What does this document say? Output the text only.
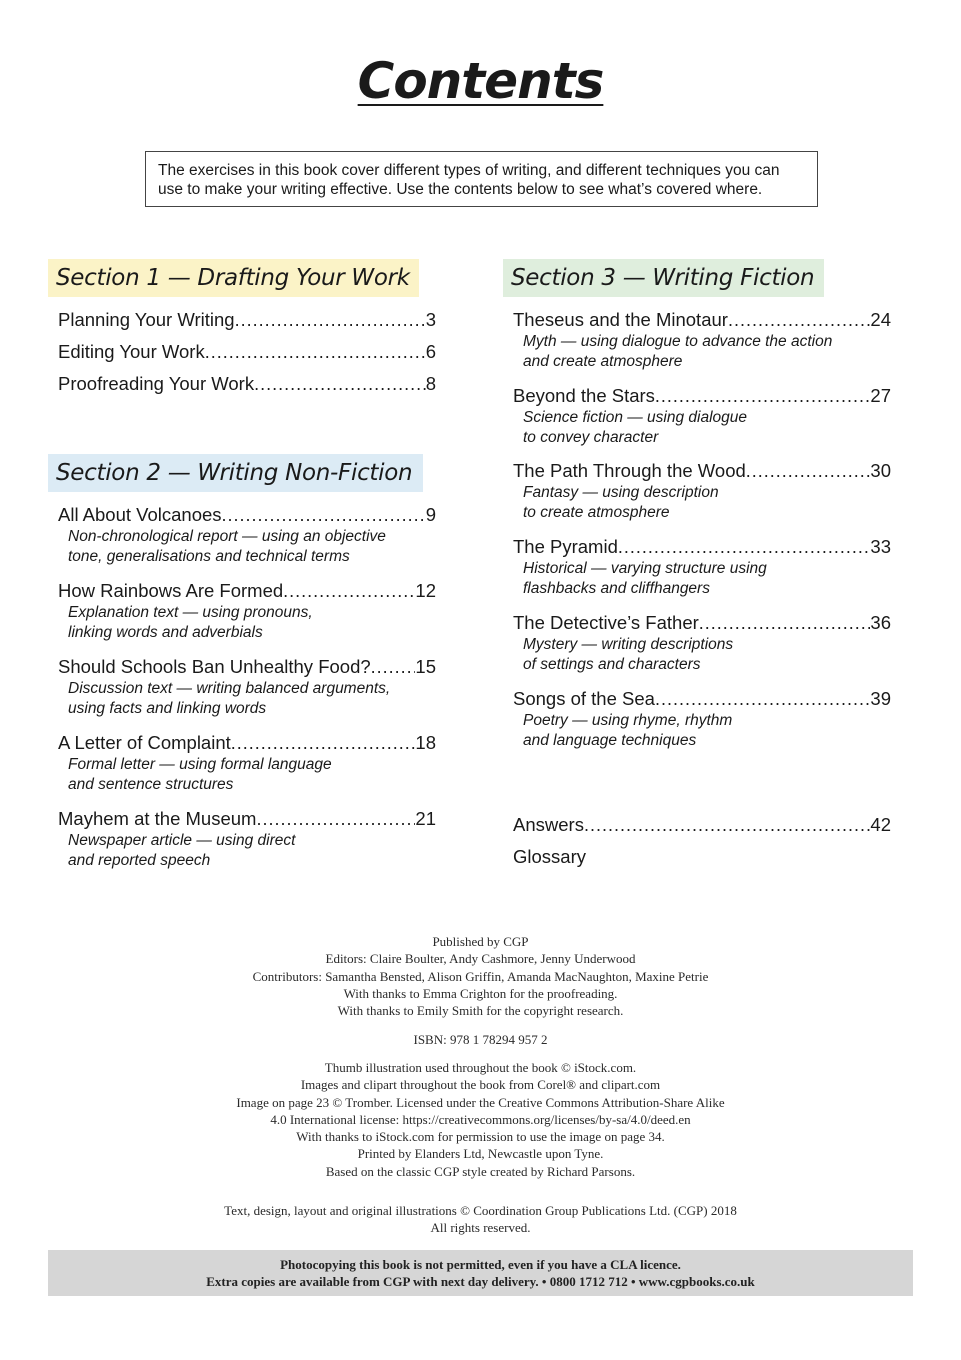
Contents
The exercises in this book cover different types of writing, and different techniques you can
use to make your writing effective. Use the contents below to see what’s covered where.
Section 1 — Drafting Your Work
Planning Your Writing .....	3
Editing Your Work .....	6
Proofreading Your Work .....	8
Section 2 — Writing Non-Fiction
All About Volcanoes .....	9
Non-chronological report — using an objective
tone, generalisations and technical terms
How Rainbows Are Formed .....	12
Explanation text — using pronouns,
linking words and adverbials
Should Schools Ban Unhealthy Food? ..... 15
Discussion text — writing balanced arguments,
using facts and linking words
A Letter of Complaint .....	18
Formal letter — using formal language
and sentence structures
Mayhem at the Museum .....	21
Newspaper article — using direct
and reported speech
Section 3 — Writing Fiction
Theseus and the Minotaur .....	24
Myth — using dialogue to advance the action
and create atmosphere
Beyond the Stars .....	27
Science fiction — using dialogue
to convey character
The Path Through the Wood .....	30
Fantasy — using description
to create atmosphere
The Pyramid .....	33
Historical — varying structure using
flashbacks and cliffhangers
The Detective’s Father .....	36
Mystery — writing descriptions
of settings and characters
Songs of the Sea .....	39
Poetry — using rhyme, rhythm
and language techniques
Answers .....	42
Glossary
Published by CGP
Editors: Claire Boulter, Andy Cashmore, Jenny Underwood
Contributors: Samantha Bensted, Alison Griffin, Amanda MacNaughton, Maxine Petrie
With thanks to Emma Crighton for the proofreading.
With thanks to Emily Smith for the copyright research.
ISBN: 978 1 78294 957 2
Thumb illustration used throughout the book © iStock.com.
Images and clipart throughout the book from Corel® and clipart.com
Image on page 23 © Tromber. Licensed under the Creative Commons Attribution-Share Alike
4.0 International license: https://creativecommons.org/licenses/by-sa/4.0/deed.en
With thanks to iStock.com for permission to use the image on page 34.
Printed by Elanders Ltd, Newcastle upon Tyne.
Based on the classic CGP style created by Richard Parsons.
Text, design, layout and original illustrations © Coordination Group Publications Ltd. (CGP) 2018
All rights reserved.
Photocopying this book is not permitted, even if you have a CLA licence.
Extra copies are available from CGP with next day delivery. • 0800 1712 712 • www.cgpbooks.co.uk
